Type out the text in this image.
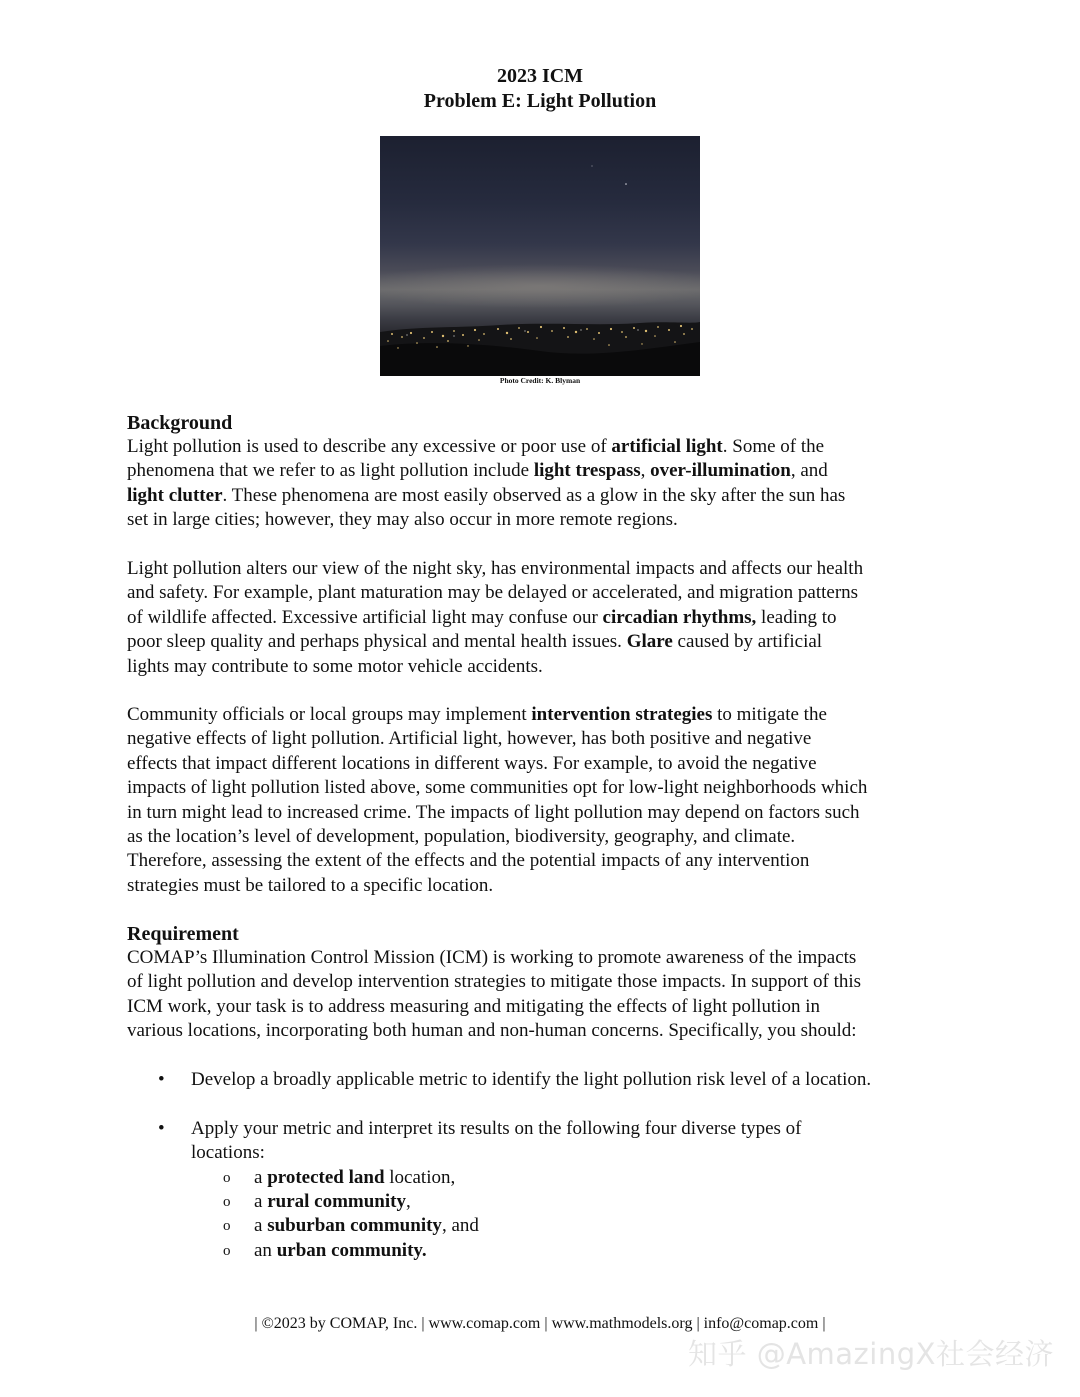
2023 ICM
Problem E: Light Pollution
Photo Credit: K. Blyman
Background
Light pollution is used to describe any excessive or poor use of artificial light. Some of the
phenomena that we refer to as light pollution include light trespass, over-illumination, and
light clutter. These phenomena are most easily observed as a glow in the sky after the sun has
set in large cities; however, they may also occur in more remote regions.
Light pollution alters our view of the night sky, has environmental impacts and affects our health
and safety. For example, plant maturation may be delayed or accelerated, and migration patterns
of wildlife affected. Excessive artificial light may confuse our circadian rhythms, leading to
poor sleep quality and perhaps physical and mental health issues. Glare caused by artificial
lights may contribute to some motor vehicle accidents.
Community officials or local groups may implement intervention strategies to mitigate the
negative effects of light pollution. Artificial light, however, has both positive and negative
effects that impact different locations in different ways. For example, to avoid the negative
impacts of light pollution listed above, some communities opt for low-light neighborhoods which
in turn might lead to increased crime. The impacts of light pollution may depend on factors such
as the location’s level of development, population, biodiversity, geography, and climate.
Therefore, assessing the extent of the effects and the potential impacts of any intervention
strategies must be tailored to a specific location.
Requirement
COMAP’s Illumination Control Mission (ICM) is working to promote awareness of the impacts
of light pollution and develop intervention strategies to mitigate those impacts. In support of this
ICM work, your task is to address measuring and mitigating the effects of light pollution in
various locations, incorporating both human and non-human concerns. Specifically, you should:
• Develop a broadly applicable metric to identify the light pollution risk level of a location.
• Apply your metric and interpret its results on the following four diverse types of
locations:
o a protected land location,
o a rural community,
o a suburban community, and
o an urban community.
| ©2023 by COMAP, Inc. | www.comap.com | www.mathmodels.org | info@comap.com |
知乎 @AmazingX社会经济
